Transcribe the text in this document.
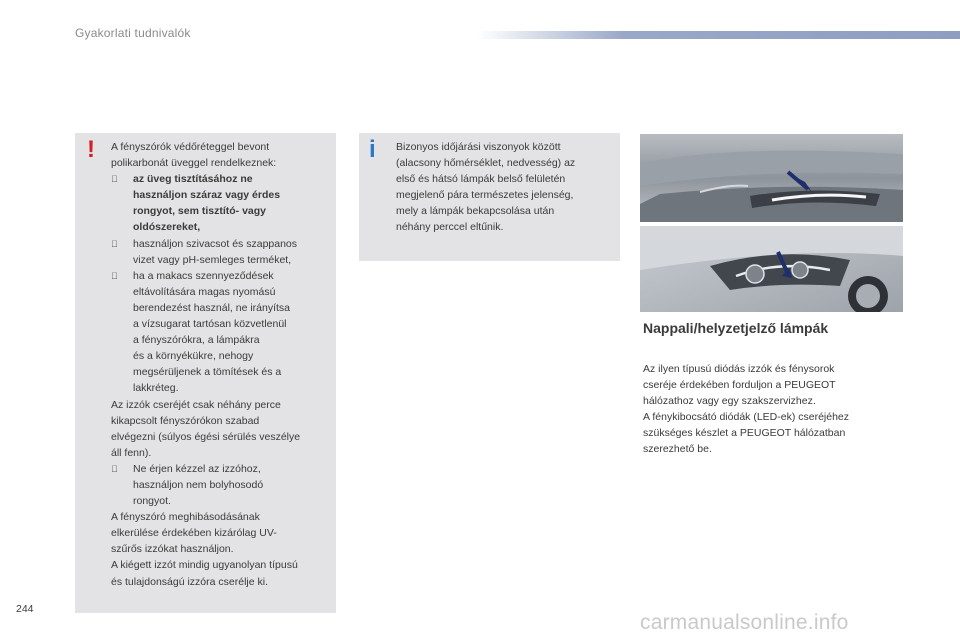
Gyakorlati tudnivalók
! A fényszórók védőréteggel bevont
polikarbonát üveggel rendelkeznek:
az üveg tisztításához ne
használjon száraz vagy érdes
rongyot, sem tisztító- vagy
oldószereket,
használjon szivacsot és szappanos
vizet vagy pH-semleges terméket,
ha a makacs szennyeződések
eltávolítására magas nyomású
berendezést használ, ne irányítsa
a vízsugarat tartósan közvetlenül
a fényszórókra, a lámpákra
és a környékükre, nehogy
megsérüljenek a tömítések és a
lakkréteg.
Az izzók cseréjét csak néhány perce
kikapcsolt fényszórókon szabad
elvégezni (súlyos égési sérülés veszélye
áll fenn).
Ne érjen kézzel az izzóhoz,
használjon nem bolyhosodó
rongyot.
A fényszóró meghibásodásának
elkerülése érdekében kizárólag UV-
szűrős izzókat használjon.
A kiégett izzót mindig ugyanolyan típusú
és tulajdonságú izzóra cserélje ki.
i Bizonyos időjárási viszonyok között
(alacsony hőmérséklet, nedvesség) az
első és hátsó lámpák belső felületén
megjelenő pára természetes jelenség,
mely a lámpák bekapcsolása után
néhány perccel eltűnik.
Nappali/helyzetjelző lámpák
Az ilyen típusú diódás izzók és fénysorok
cseréje érdekében forduljon a PEUGEOT
hálózathoz vagy egy szakszervizhez.
A fénykibocsátó diódák (LED-ek) cseréjéhez
szükséges készlet a PEUGEOT hálózatban
szerezhető be.
244
carmanualsonline.info
